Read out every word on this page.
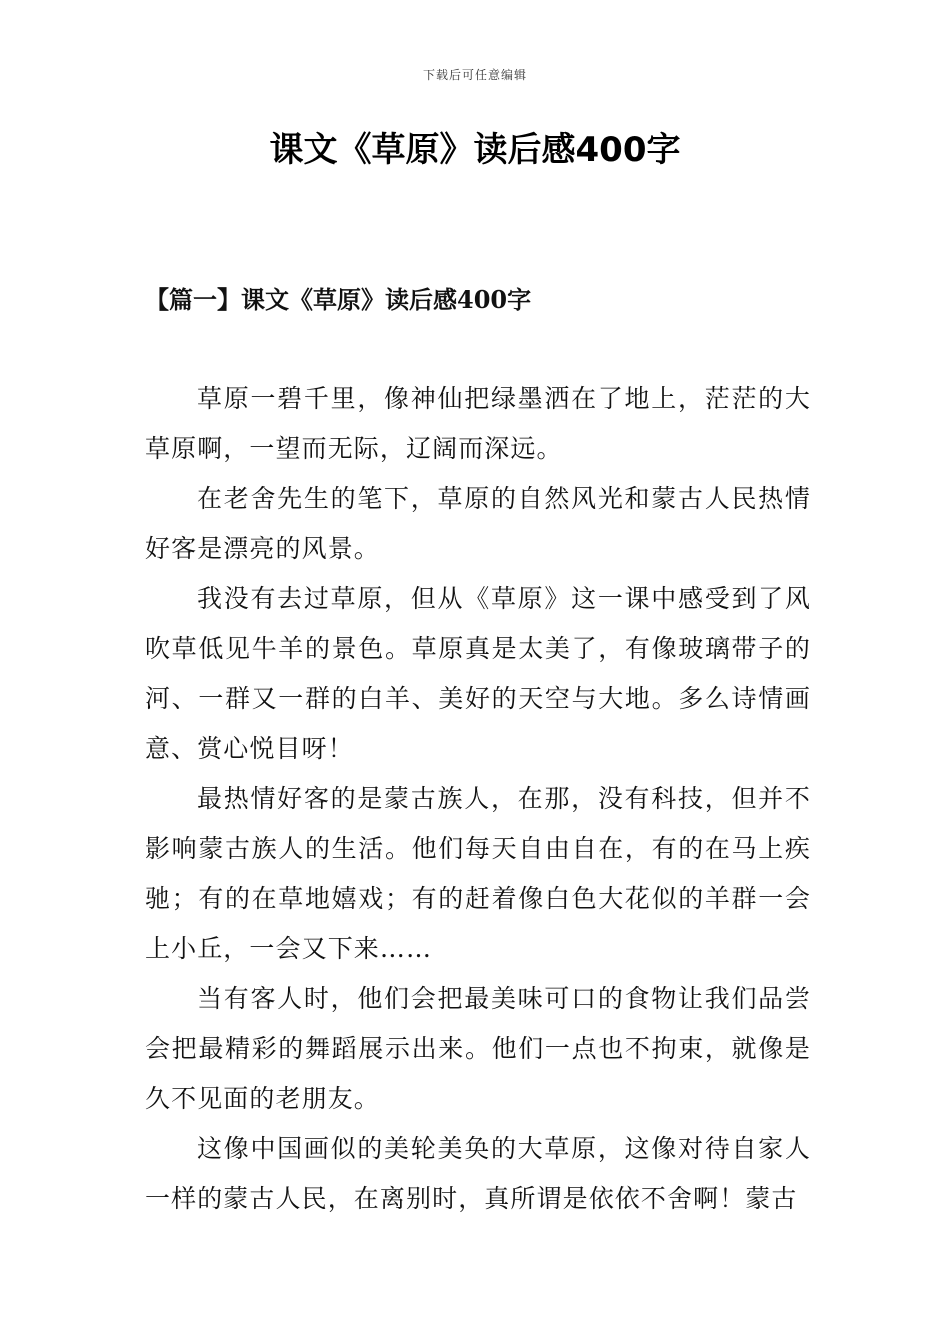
下载后可任意编辑
课文《草原》读后感400字
【篇一】课文《草原》读后感400字

草原一碧千里，像神仙把绿墨洒在了地上，茫茫的大草原啊，一望而无际，辽阔而深远。

在老舍先生的笔下，草原的自然风光和蒙古人民热情好客是漂亮的风景。

我没有去过草原，但从《草原》这一课中感受到了风吹草低见牛羊的景色。草原真是太美了，有像玻璃带子的河、一群又一群的白羊、美好的天空与大地。多么诗情画意、赏心悦目呀！

最热情好客的是蒙古族人，在那，没有科技，但并不影响蒙古族人的生活。他们每天自由自在，有的在马上疾驰；有的在草地嬉戏；有的赶着像白色大花似的羊群一会上小丘，一会又下来……

当有客人时，他们会把最美味可口的食物让我们品尝会把最精彩的舞蹈展示出来。他们一点也不拘束，就像是久不见面的老朋友。

这像中国画似的美轮美奂的大草原，这像对待自家人一样的蒙古人民，在离别时，真所谓是依依不舍啊！蒙古
